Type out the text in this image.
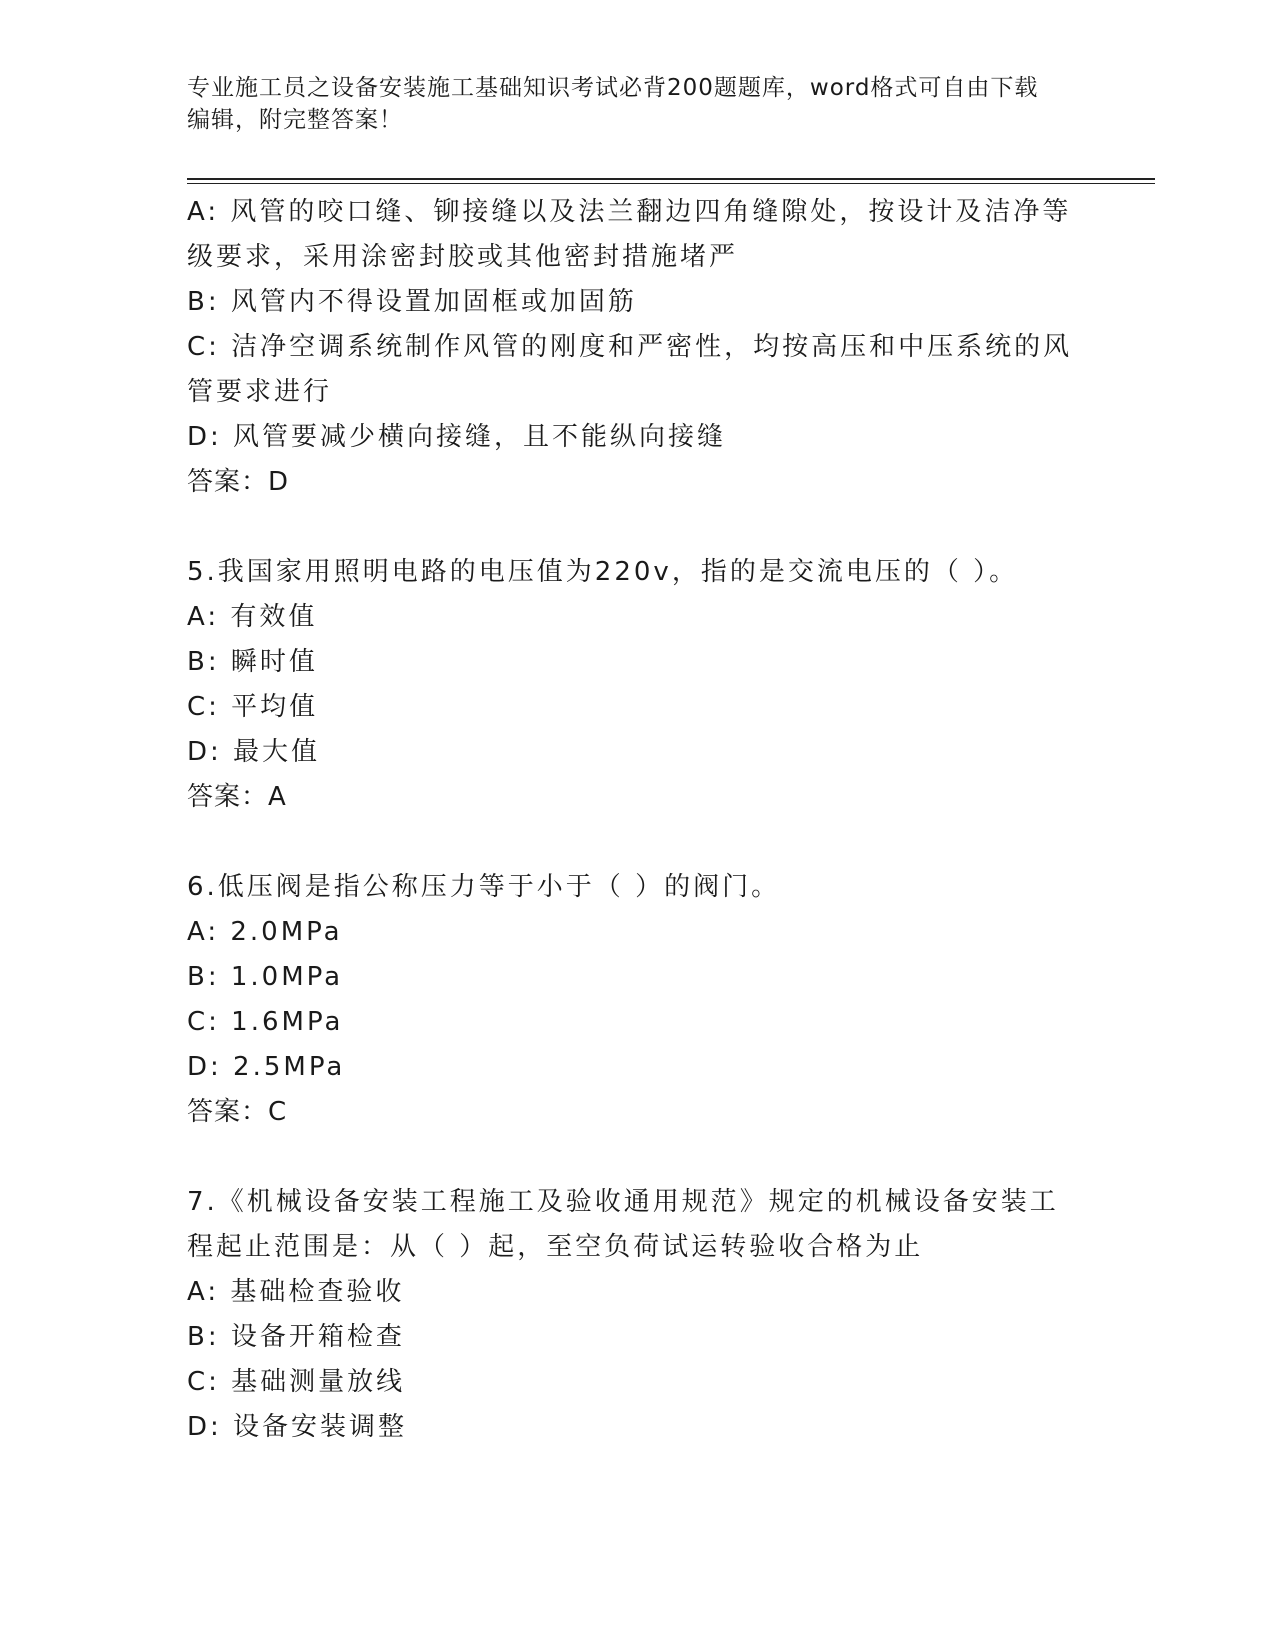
专业施工员之设备安装施工基础知识考试必背200题题库，word格式可自由下载
编辑，附完整答案！
A: 风管的咬口缝、铆接缝以及法兰翻边四角缝隙处，按设计及洁净等
级要求，采用涂密封胶或其他密封措施堵严
B: 风管内不得设置加固框或加固筋
C: 洁净空调系统制作风管的刚度和严密性，均按高压和中压系统的风
管要求进行
D: 风管要减少横向接缝，且不能纵向接缝
答案：D
5.我国家用照明电路的电压值为220v，指的是交流电压的（ ）。
A: 有效值
B: 瞬时值
C: 平均值
D: 最大值
答案：A
6.低压阀是指公称压力等于小于（ ）的阀门。
A: 2.0MPa
B: 1.0MPa
C: 1.6MPa
D: 2.5MPa
答案：C
7.《机械设备安装工程施工及验收通用规范》规定的机械设备安装工
程起止范围是：从（ ）起，至空负荷试运转验收合格为止
A: 基础检查验收
B: 设备开箱检查
C: 基础测量放线
D: 设备安装调整
